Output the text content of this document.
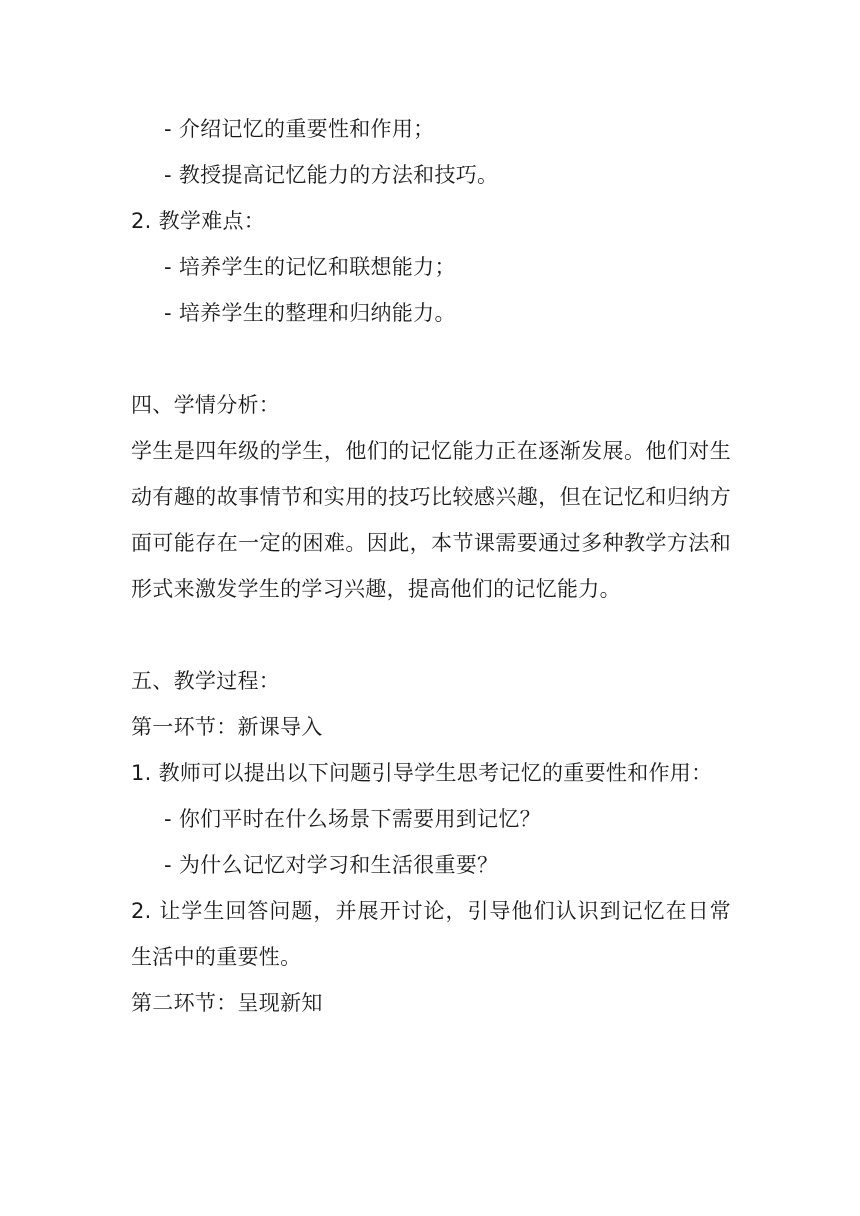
- 介绍记忆的重要性和作用；
- 教授提高记忆能力的方法和技巧。
2. 教学难点：
- 培养学生的记忆和联想能力；
- 培养学生的整理和归纳能力。
四、学情分析：
学生是四年级的学生，他们的记忆能力正在逐渐发展。他们对生动有趣的故事情节和实用的技巧比较感兴趣，但在记忆和归纳方面可能存在一定的困难。因此，本节课需要通过多种教学方法和形式来激发学生的学习兴趣，提高他们的记忆能力。
五、教学过程：
第一环节：新课导入
1. 教师可以提出以下问题引导学生思考记忆的重要性和作用：
- 你们平时在什么场景下需要用到记忆？
- 为什么记忆对学习和生活很重要？
2. 让学生回答问题，并展开讨论，引导他们认识到记忆在日常生活中的重要性。
第二环节：呈现新知
